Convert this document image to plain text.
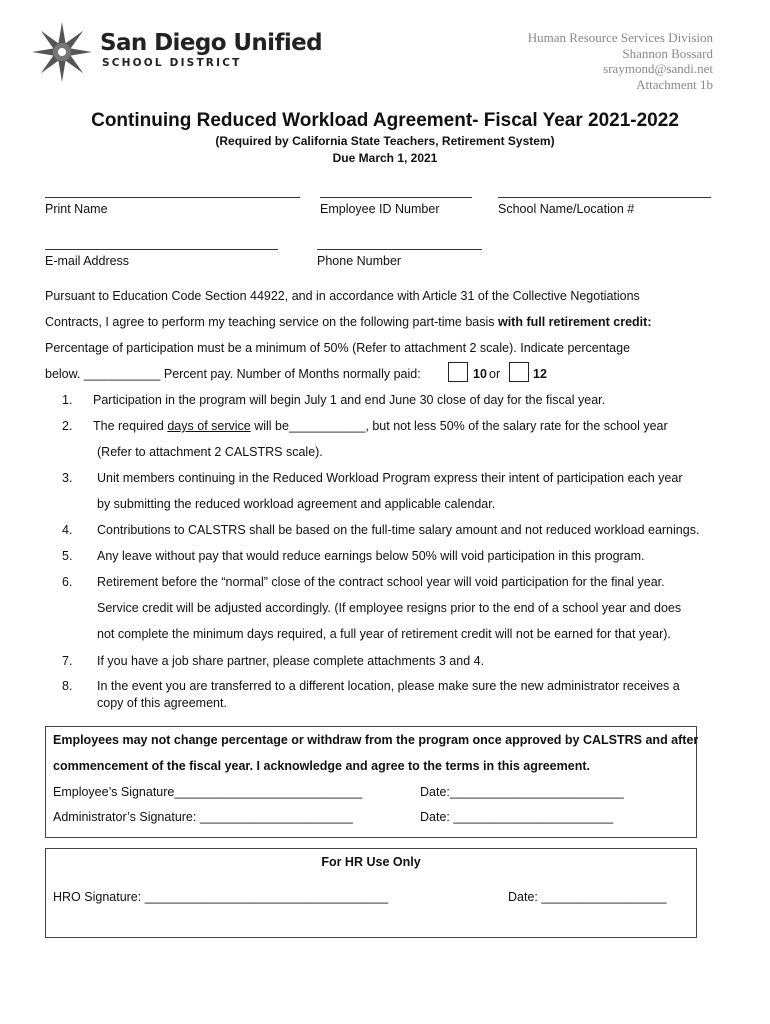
San Diego Unified
SCHOOL DISTRICT
Human Resource Services Division
Shannon Bossard
sraymond@sandi.net
Attachment 1b
Continuing Reduced Workload Agreement- Fiscal Year 2021-2022
(Required by California State Teachers, Retirement System)
Due March 1, 2021
Print Name	Employee ID Number	School Name/Location #
E-mail Address	Phone Number
Pursuant to Education Code Section 44922, and in accordance with Article 31 of the Collective Negotiations
Contracts, I agree to perform my teaching service on the following part-time basis with full retirement credit:
Percentage of participation must be a minimum of 50% (Refer to attachment 2 scale). Indicate percentage
below. ___________ Percent pay. Number of Months normally paid:	10 or	12
1. Participation in the program will begin July 1 and end June 30 close of day for the fiscal year.
2. The required days of service will be___________, but not less 50% of the salary rate for the school year
(Refer to attachment 2 CALSTRS scale).
3. Unit members continuing in the Reduced Workload Program express their intent of participation each year
by submitting the reduced workload agreement and applicable calendar.
4. Contributions to CALSTRS shall be based on the full-time salary amount and not reduced workload earnings.
5. Any leave without pay that would reduce earnings below 50% will void participation in this program.
6. Retirement before the “normal” close of the contract school year will void participation for the final year.
Service credit will be adjusted accordingly. (If employee resigns prior to the end of a school year and does
not complete the minimum days required, a full year of retirement credit will not be earned for that year).
7. If you have a job share partner, please complete attachments 3 and 4.
8. In the event you are transferred to a different location, please make sure the new administrator receives a
copy of this agreement.
Employees may not change percentage or withdraw from the program once approved by CALSTRS and after
commencement of the fiscal year. I acknowledge and agree to the terms in this agreement.
Employee’s Signature___________________________	Date:_________________________
Administrator’s Signature: ______________________	Date: _______________________
For HR Use Only
HRO Signature: ___________________________________	Date: __________________
